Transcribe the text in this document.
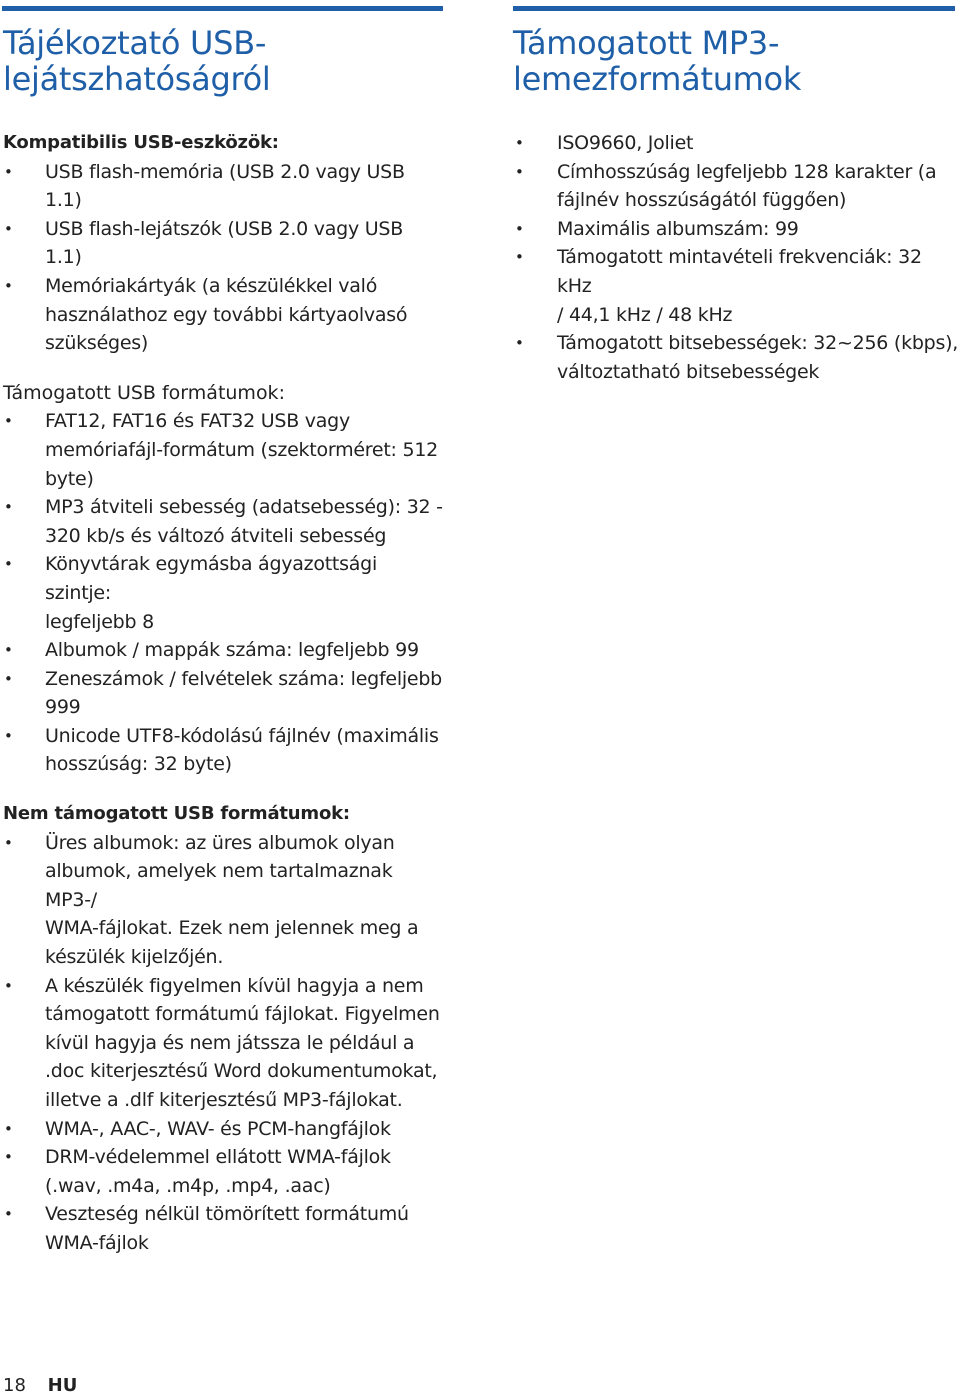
Tájékoztató USB-
lejátszhatóságról
Kompatibilis USB-eszközök:
• USB flash-memória (USB 2.0 vagy USB
1.1)
• USB flash-lejátszók (USB 2.0 vagy USB 1.1)
• Memóriakártyák (a készülékkel való
használathoz egy további kártyaolvasó
szükséges)
Támogatott USB formátumok:
• FAT12, FAT16 és FAT32 USB vagy
memóriafájl-formátum (szektorméret: 512
byte)
• MP3 átviteli sebesség (adatsebesség): 32 -
320 kb/s és változó átviteli sebesség
• Könyvtárak egymásba ágyazottsági szintje:
legfeljebb 8
• Albumok / mappák száma: legfeljebb 99
• Zeneszámok / felvételek száma: legfeljebb
999
• Unicode UTF8-kódolású fájlnév (maximális
hosszúság: 32 byte)
Nem támogatott USB formátumok:
• Üres albumok: az üres albumok olyan
albumok, amelyek nem tartalmaznak MP3-/
WMA-fájlokat. Ezek nem jelennek meg a
készülék kijelzőjén.
• A készülék figyelmen kívül hagyja a nem
támogatott formátumú fájlokat. Figyelmen
kívül hagyja és nem játssza le például a
.doc kiterjesztésű Word dokumentumokat,
illetve a .dlf kiterjesztésű MP3-fájlokat.
• WMA-, AAC-, WAV- és PCM-hangfájlok
• DRM-védelemmel ellátott WMA-fájlok
(.wav, .m4a, .m4p, .mp4, .aac)
• Veszteség nélkül tömörített formátumú
WMA-fájlok
Támogatott MP3-
lemezformátumok
• ISO9660, Joliet
• Címhosszúság legfeljebb 128 karakter (a
fájlnév hosszúságától függően)
• Maximális albumszám: 99
• Támogatott mintavételi frekvenciák: 32 kHz
/ 44,1 kHz / 48 kHz
• Támogatott bitsebességek: 32~256 (kbps),
változtatható bitsebességek
18 HU
